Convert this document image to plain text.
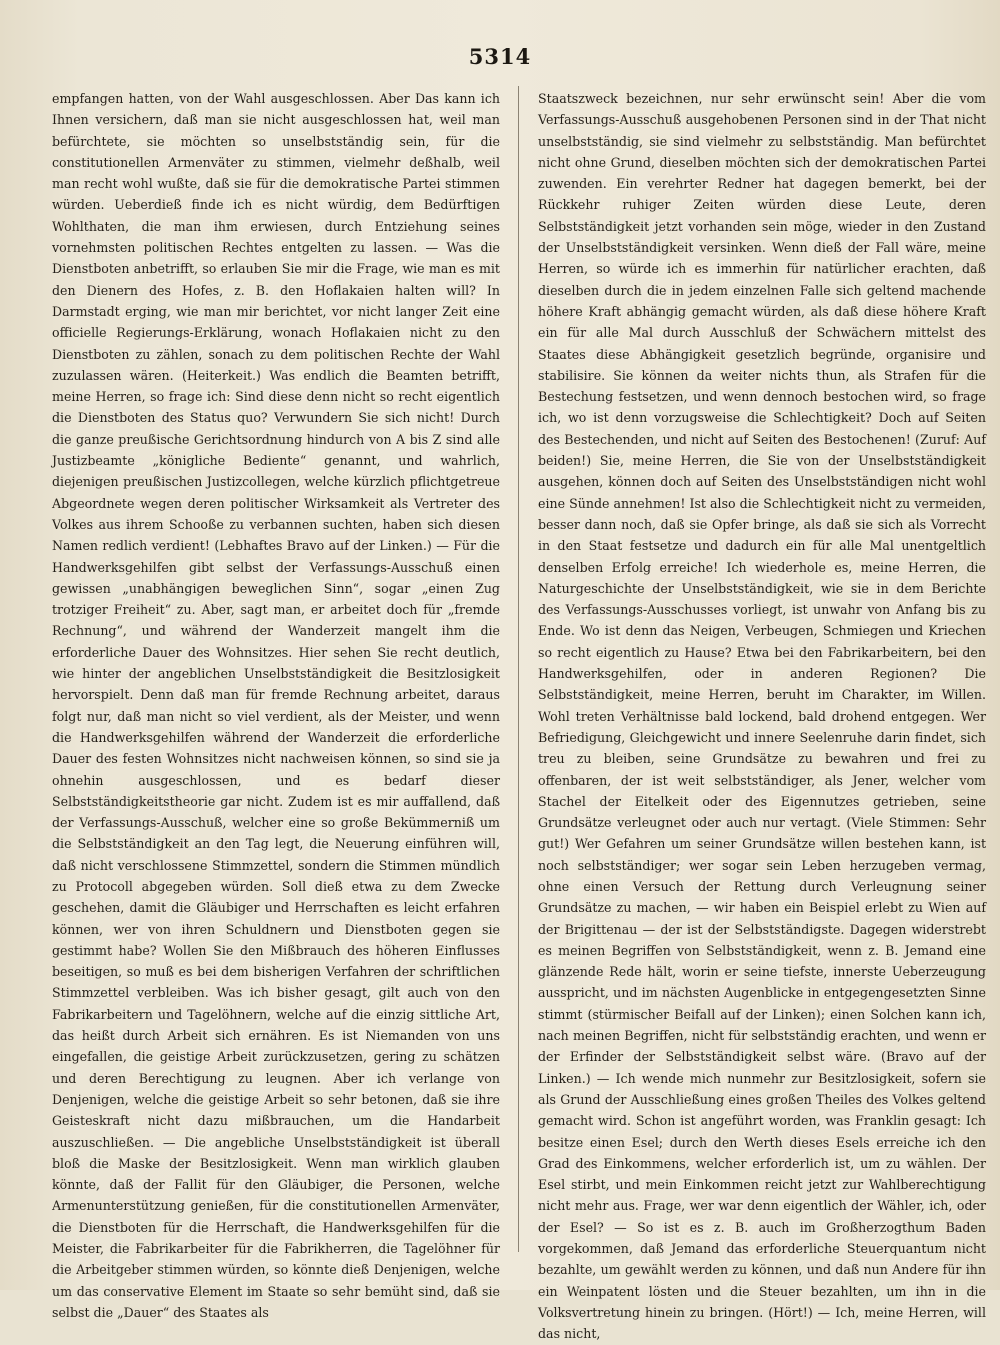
5314

empfangen hatten, von der Wahl ausgeschlossen. Aber Das kann ich Ihnen versichern, daß man sie nicht ausgeschlossen hat, weil man befürchtete, sie möchten so unselbstständig sein, für die constitutionellen Armenväter zu stimmen, vielmehr deßhalb, weil man recht wohl wußte, daß sie für die demokratische Partei stimmen würden. Ueberdieß finde ich es nicht würdig, dem Bedürftigen Wohlthaten, die man ihm erwiesen, durch Entziehung seines vornehmsten politischen Rechtes entgelten zu lassen. — Was die Dienstboten anbetrifft, so erlauben Sie mir die Frage, wie man es mit den Dienern des Hofes, z. B. den Hoflakaien halten will? In Darmstadt erging, wie man mir berichtet, vor nicht langer Zeit eine officielle Regierungs-Erklärung, wonach Hoflakaien nicht zu den Dienstboten zu zählen, sonach zu dem politischen Rechte der Wahl zuzulassen wären. (Heiterkeit.) Was endlich die Beamten betrifft, meine Herren, so frage ich: Sind diese denn nicht so recht eigentlich die Dienstboten des Status quo? Verwundern Sie sich nicht! Durch die ganze preußische Gerichtsordnung hindurch von A bis Z sind alle Justizbeamte „königliche Bediente“ genannt, und wahrlich, diejenigen preußischen Justizcollegen, welche kürzlich pflichtgetreue Abgeordnete wegen deren politischer Wirksamkeit als Vertreter des Volkes aus ihrem Schooße zu verbannen suchten, haben sich diesen Namen redlich verdient! (Lebhaftes Bravo auf der Linken.) — Für die Handwerksgehilfen gibt selbst der Verfassungs-Ausschuß einen gewissen „unabhängigen beweglichen Sinn“, sogar „einen Zug trotziger Freiheit“ zu. Aber, sagt man, er arbeitet doch für „fremde Rechnung“, und während der Wanderzeit mangelt ihm die erforderliche Dauer des Wohnsitzes. Hier sehen Sie recht deutlich, wie hinter der angeblichen Unselbstständigkeit die Besitzlosigkeit hervorspielt. Denn daß man für fremde Rechnung arbeitet, daraus folgt nur, daß man nicht so viel verdient, als der Meister, und wenn die Handwerksgehilfen während der Wanderzeit die erforderliche Dauer des festen Wohnsitzes nicht nachweisen können, so sind sie ja ohnehin ausgeschlossen, und es bedarf dieser Selbstständigkeitstheorie gar nicht. Zudem ist es mir auffallend, daß der Verfassungs-Ausschuß, welcher eine so große Bekümmerniß um die Selbstständigkeit an den Tag legt, die Neuerung einführen will, daß nicht verschlossene Stimmzettel, sondern die Stimmen mündlich zu Protocoll abgegeben würden. Soll dieß etwa zu dem Zwecke geschehen, damit die Gläubiger und Herrschaften es leicht erfahren können, wer von ihren Schuldnern und Dienstboten gegen sie gestimmt habe? Wollen Sie den Mißbrauch des höheren Einflusses beseitigen, so muß es bei dem bisherigen Verfahren der schriftlichen Stimmzettel verbleiben. Was ich bisher gesagt, gilt auch von den Fabrikarbeitern und Tagelöhnern, welche auf die einzig sittliche Art, das heißt durch Arbeit sich ernähren. Es ist Niemanden von uns eingefallen, die geistige Arbeit zurückzusetzen, gering zu schätzen und deren Berechtigung zu leugnen. Aber ich verlange von Denjenigen, welche die geistige Arbeit so sehr betonen, daß sie ihre Geisteskraft nicht dazu mißbrauchen, um die Handarbeit auszuschließen. — Die angebliche Unselbstständigkeit ist überall bloß die Maske der Besitzlosigkeit. Wenn man wirklich glauben könnte, daß der Fallit für den Gläubiger, die Personen, welche Armenunterstützung genießen, für die constitutionellen Armenväter, die Dienstboten für die Herrschaft, die Handwerksgehilfen für die Meister, die Fabrikarbeiter für die Fabrikherren, die Tagelöhner für die Arbeitgeber stimmen würden, so könnte dieß Denjenigen, welche um das conservative Element im Staate so sehr bemüht sind, daß sie selbst die „Dauer“ des Staates als

Staatszweck bezeichnen, nur sehr erwünscht sein! Aber die vom Verfassungs-Ausschuß ausgehobenen Personen sind in der That nicht unselbstständig, sie sind vielmehr zu selbstständig. Man befürchtet nicht ohne Grund, dieselben möchten sich der demokratischen Partei zuwenden. Ein verehrter Redner hat dagegen bemerkt, bei der Rückkehr ruhiger Zeiten würden diese Leute, deren Selbstständigkeit jetzt vorhanden sein möge, wieder in den Zustand der Unselbstständigkeit versinken. Wenn dieß der Fall wäre, meine Herren, so würde ich es immerhin für natürlicher erachten, daß dieselben durch die in jedem einzelnen Falle sich geltend machende höhere Kraft abhängig gemacht würden, als daß diese höhere Kraft ein für alle Mal durch Ausschluß der Schwächern mittelst des Staates diese Abhängigkeit gesetzlich begründe, organisire und stabilisire. Sie können da weiter nichts thun, als Strafen für die Bestechung festsetzen, und wenn dennoch bestochen wird, so frage ich, wo ist denn vorzugsweise die Schlechtigkeit? Doch auf Seiten des Bestechenden, und nicht auf Seiten des Bestochenen! (Zuruf: Auf beiden!) Sie, meine Herren, die Sie von der Unselbstständigkeit ausgehen, können doch auf Seiten des Unselbstständigen nicht wohl eine Sünde annehmen! Ist also die Schlechtigkeit nicht zu vermeiden, besser dann noch, daß sie Opfer bringe, als daß sie sich als Vorrecht in den Staat festsetze und dadurch ein für alle Mal unentgeltlich denselben Erfolg erreiche! Ich wiederhole es, meine Herren, die Naturgeschichte der Unselbstständigkeit, wie sie in dem Berichte des Verfassungs-Ausschusses vorliegt, ist unwahr von Anfang bis zu Ende. Wo ist denn das Neigen, Verbeugen, Schmiegen und Kriechen so recht eigentlich zu Hause? Etwa bei den Fabrikarbeitern, bei den Handwerksgehilfen, oder in anderen Regionen? Die Selbstständigkeit, meine Herren, beruht im Charakter, im Willen. Wohl treten Verhältnisse bald lockend, bald drohend entgegen. Wer Befriedigung, Gleichgewicht und innere Seelenruhe darin findet, sich treu zu bleiben, seine Grundsätze zu bewahren und frei zu offenbaren, der ist weit selbstständiger, als Jener, welcher vom Stachel der Eitelkeit oder des Eigennutzes getrieben, seine Grundsätze verleugnet oder auch nur vertagt. (Viele Stimmen: Sehr gut!) Wer Gefahren um seiner Grundsätze willen bestehen kann, ist noch selbstständiger; wer sogar sein Leben herzugeben vermag, ohne einen Versuch der Rettung durch Verleugnung seiner Grundsätze zu machen, — wir haben ein Beispiel erlebt zu Wien auf der Brigittenau — der ist der Selbstständigste. Dagegen widerstrebt es meinen Begriffen von Selbstständigkeit, wenn z. B. Jemand eine glänzende Rede hält, worin er seine tiefste, innerste Ueberzeugung ausspricht, und im nächsten Augenblicke in entgegengesetzten Sinne stimmt (stürmischer Beifall auf der Linken); einen Solchen kann ich, nach meinen Begriffen, nicht für selbstständig erachten, und wenn er der Erfinder der Selbstständigkeit selbst wäre. (Bravo auf der Linken.) — Ich wende mich nunmehr zur Besitzlosigkeit, sofern sie als Grund der Ausschließung eines großen Theiles des Volkes geltend gemacht wird. Schon ist angeführt worden, was Franklin gesagt: Ich besitze einen Esel; durch den Werth dieses Esels erreiche ich den Grad des Einkommens, welcher erforderlich ist, um zu wählen. Der Esel stirbt, und mein Einkommen reicht jetzt zur Wahlberechtigung nicht mehr aus. Frage, wer war denn eigentlich der Wähler, ich, oder der Esel? — So ist es z. B. auch im Großherzogthum Baden vorgekommen, daß Jemand das erforderliche Steuerquantum nicht bezahlte, um gewählt werden zu können, und daß nun Andere für ihn ein Weinpatent lösten und die Steuer bezahlten, um ihn in die Volksvertretung hinein zu bringen. (Hört!) — Ich, meine Herren, will das nicht,
